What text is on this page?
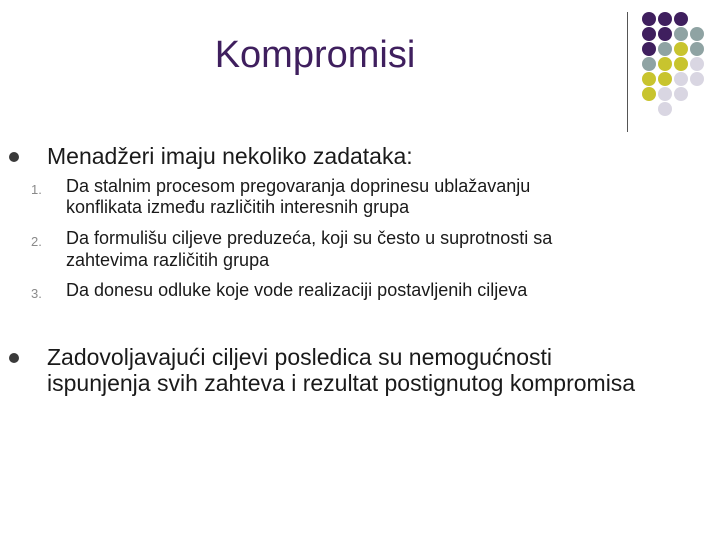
Kompromisi
Menadžeri imaju nekoliko zadataka:
1. Da stalnim procesom pregovaranja doprinesu ublažavanju
konflikata između različitih interesnih grupa
2. Da formulišu ciljeve preduzeća, koji su često u suprotnosti sa
zahtevima različitih grupa
3. Da donesu odluke koje vode realizaciji postavljenih ciljeva
Zadovoljavajući ciljevi posledica su nemogućnosti
ispunjenja svih zahteva i rezultat postignutog kompromisa
